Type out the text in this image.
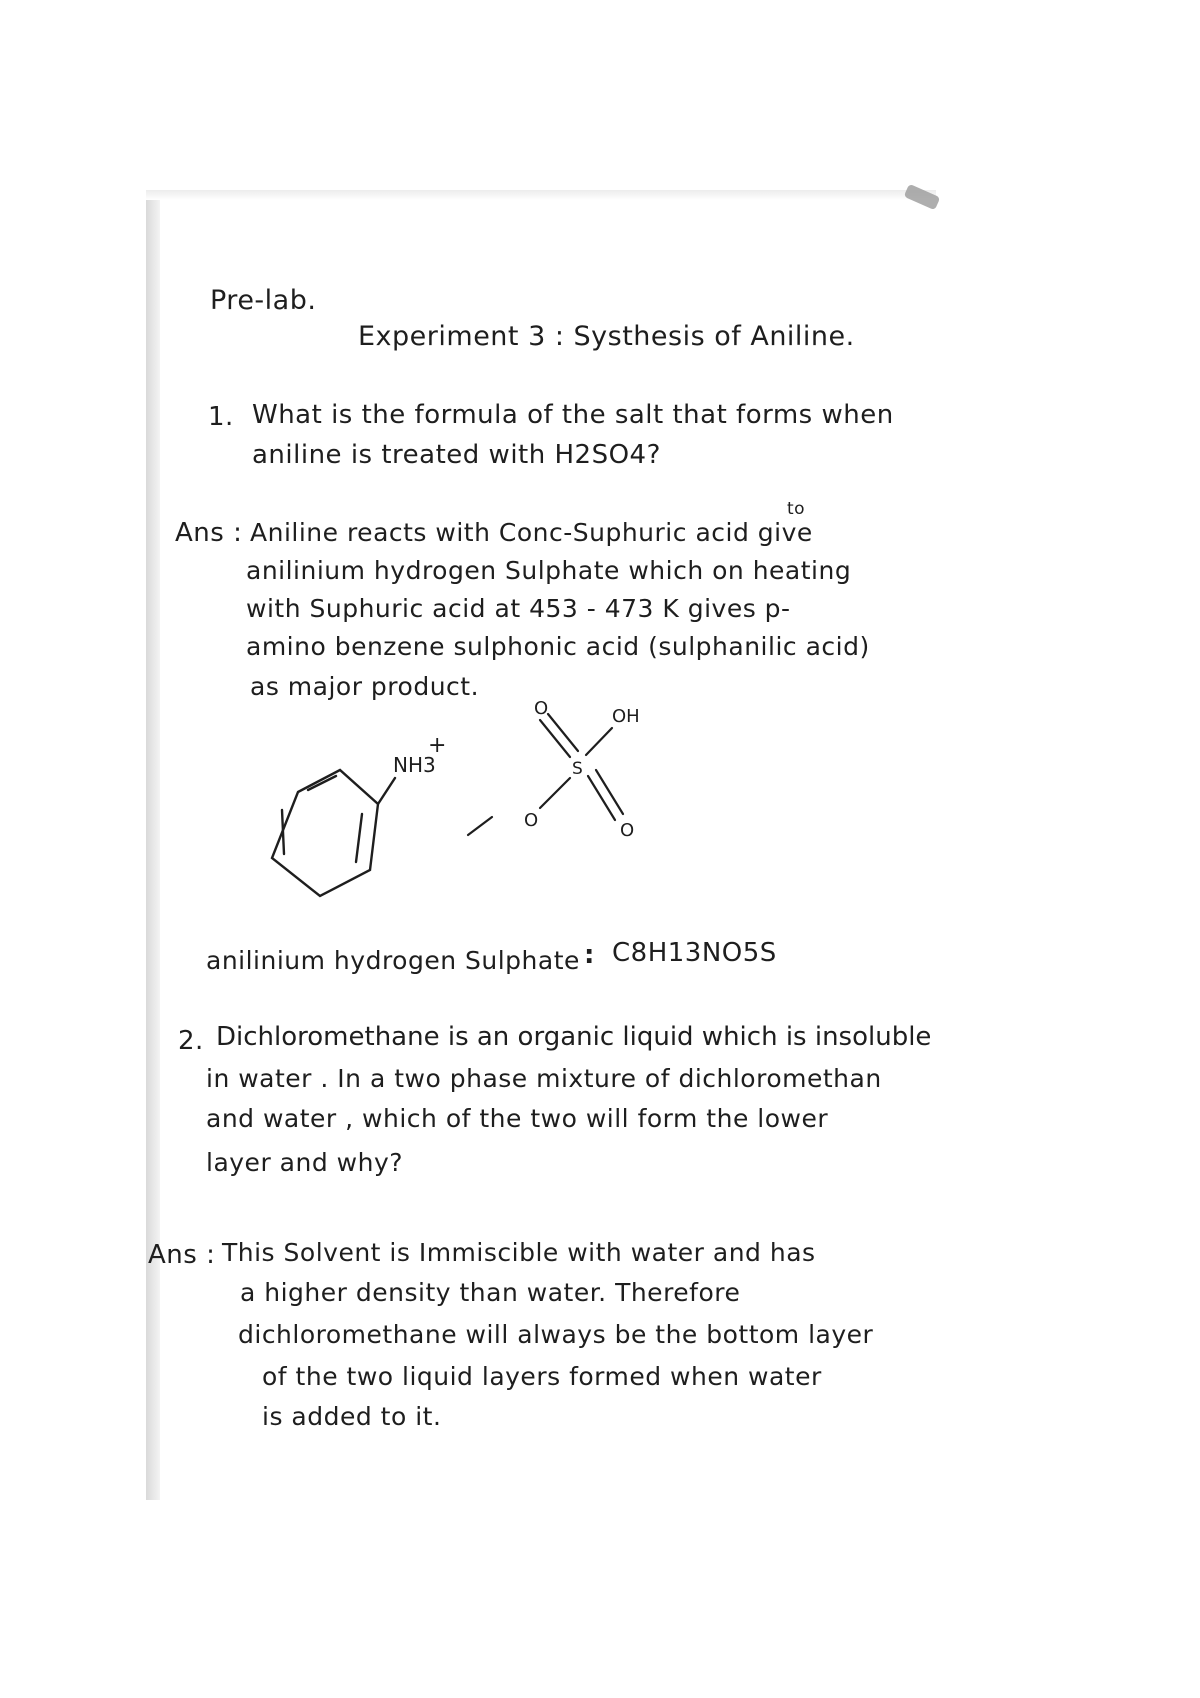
Pre-lab.
Experiment 3 : Systhesis of Aniline.
1. What is the formula of the salt that forms when
aniline is treated with H2SO4?
Ans :
to
Aniline reacts with Conc-Suphuric acid give
anilinium hydrogen Sulphate which on heating
with Suphuric acid at 453 - 473 K gives p-
amino benzene sulphonic acid (sulphanilic acid)
as major product.
NH3
+
O	OH
S
O	O
anilinium hydrogen Sulphate : C8H13NO5S
2. Dichloromethane is an organic liquid which is insoluble
in water . In a two phase mixture of dichloromethan
and water , which of the two will form the lower
layer and why?
Ans : This Solvent is Immiscible with water and has
a higher density than water. Therefore
dichloromethane will always be the bottom layer
of the two liquid layers formed when water
is added to it.
